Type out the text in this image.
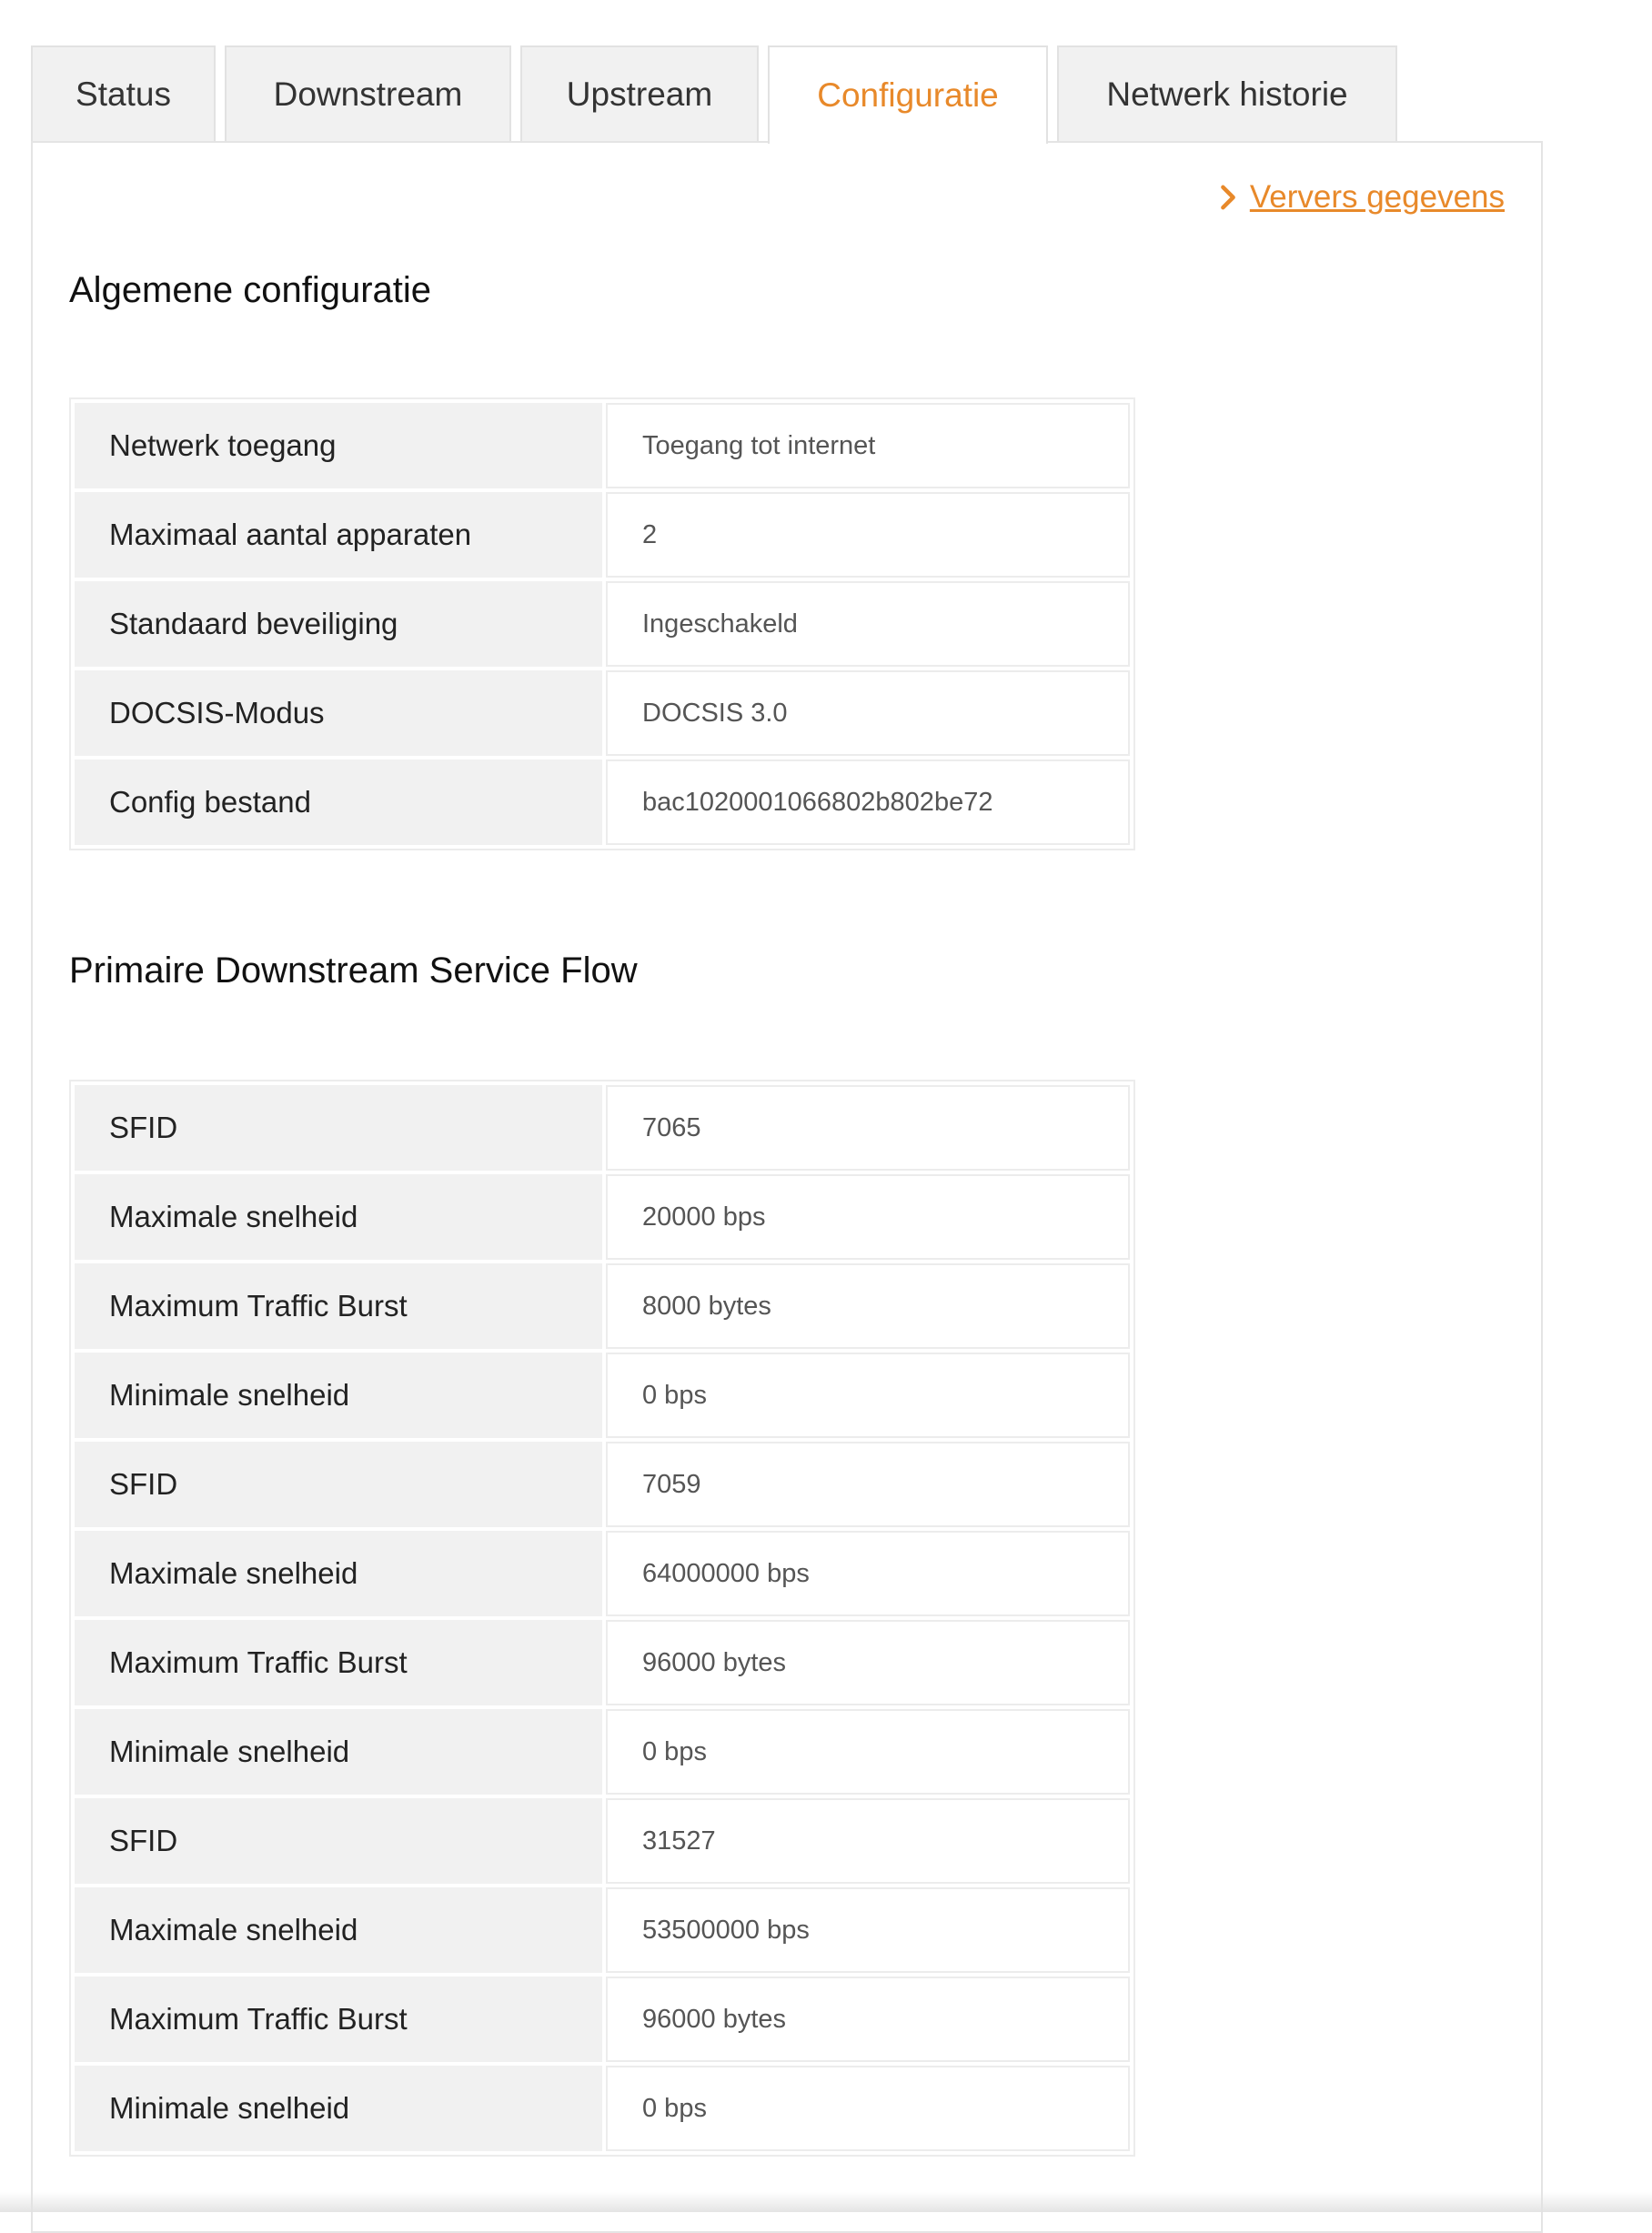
Status	Downstream	Upstream	Configuratie	Netwerk historie
Ververs gegevens
Algemene configuratie
Netwerk toegang	Toegang tot internet
Maximaal aantal apparaten	2
Standaard beveiliging	Ingeschakeld
DOCSIS-Modus	DOCSIS 3.0
Config bestand	bac1020001066802b802be72
Primaire Downstream Service Flow
SFID	7065
Maximale snelheid	20000 bps
Maximum Traffic Burst	8000 bytes
Minimale snelheid	0 bps
SFID	7059
Maximale snelheid	64000000 bps
Maximum Traffic Burst	96000 bytes
Minimale snelheid	0 bps
SFID	31527
Maximale snelheid	53500000 bps
Maximum Traffic Burst	96000 bytes
Minimale snelheid	0 bps
